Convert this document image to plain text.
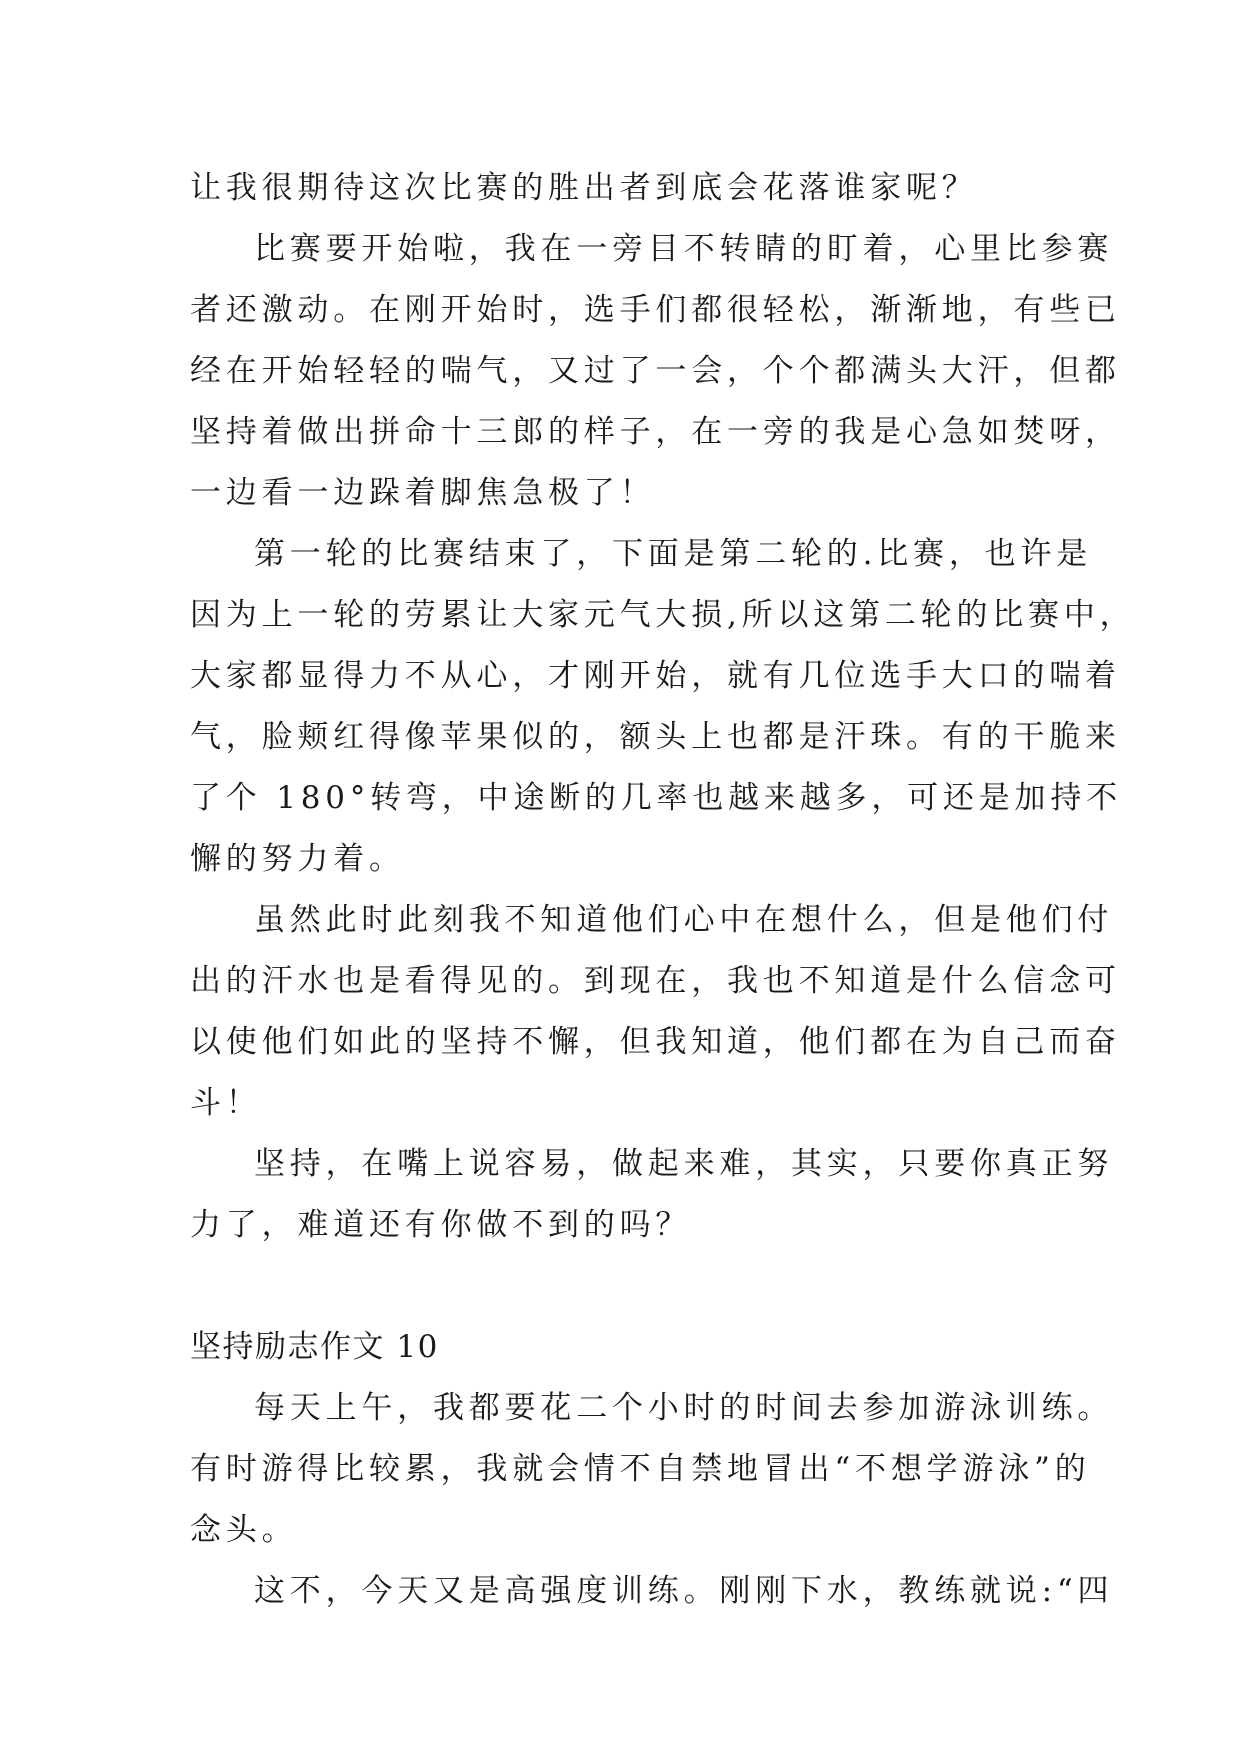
让我很期待这次比赛的胜出者到底会花落谁家呢？
比赛要开始啦，我在一旁目不转睛的盯着，心里比参赛
者还激动。在刚开始时，选手们都很轻松，渐渐地，有些已
经在开始轻轻的喘气，又过了一会，个个都满头大汗，但都
坚持着做出拼命十三郎的样子，在一旁的我是心急如焚呀，
一边看一边跺着脚焦急极了！
第一轮的比赛结束了，下面是第二轮的.比赛，也许是
因为上一轮的劳累让大家元气大损,所以这第二轮的比赛中，
大家都显得力不从心，才刚开始，就有几位选手大口的喘着
气，脸颊红得像苹果似的，额头上也都是汗珠。有的干脆来
了个 180°转弯，中途断的几率也越来越多，可还是加持不
懈的努力着。
虽然此时此刻我不知道他们心中在想什么，但是他们付
出的汗水也是看得见的。到现在，我也不知道是什么信念可
以使他们如此的坚持不懈，但我知道，他们都在为自己而奋
斗！
坚持，在嘴上说容易，做起来难，其实，只要你真正努
力了，难道还有你做不到的吗？
坚持励志作文 10
每天上午，我都要花二个小时的时间去参加游泳训练。
有时游得比较累，我就会情不自禁地冒出“不想学游泳”的
念头。
这不，今天又是高强度训练。刚刚下水，教练就说:“四
